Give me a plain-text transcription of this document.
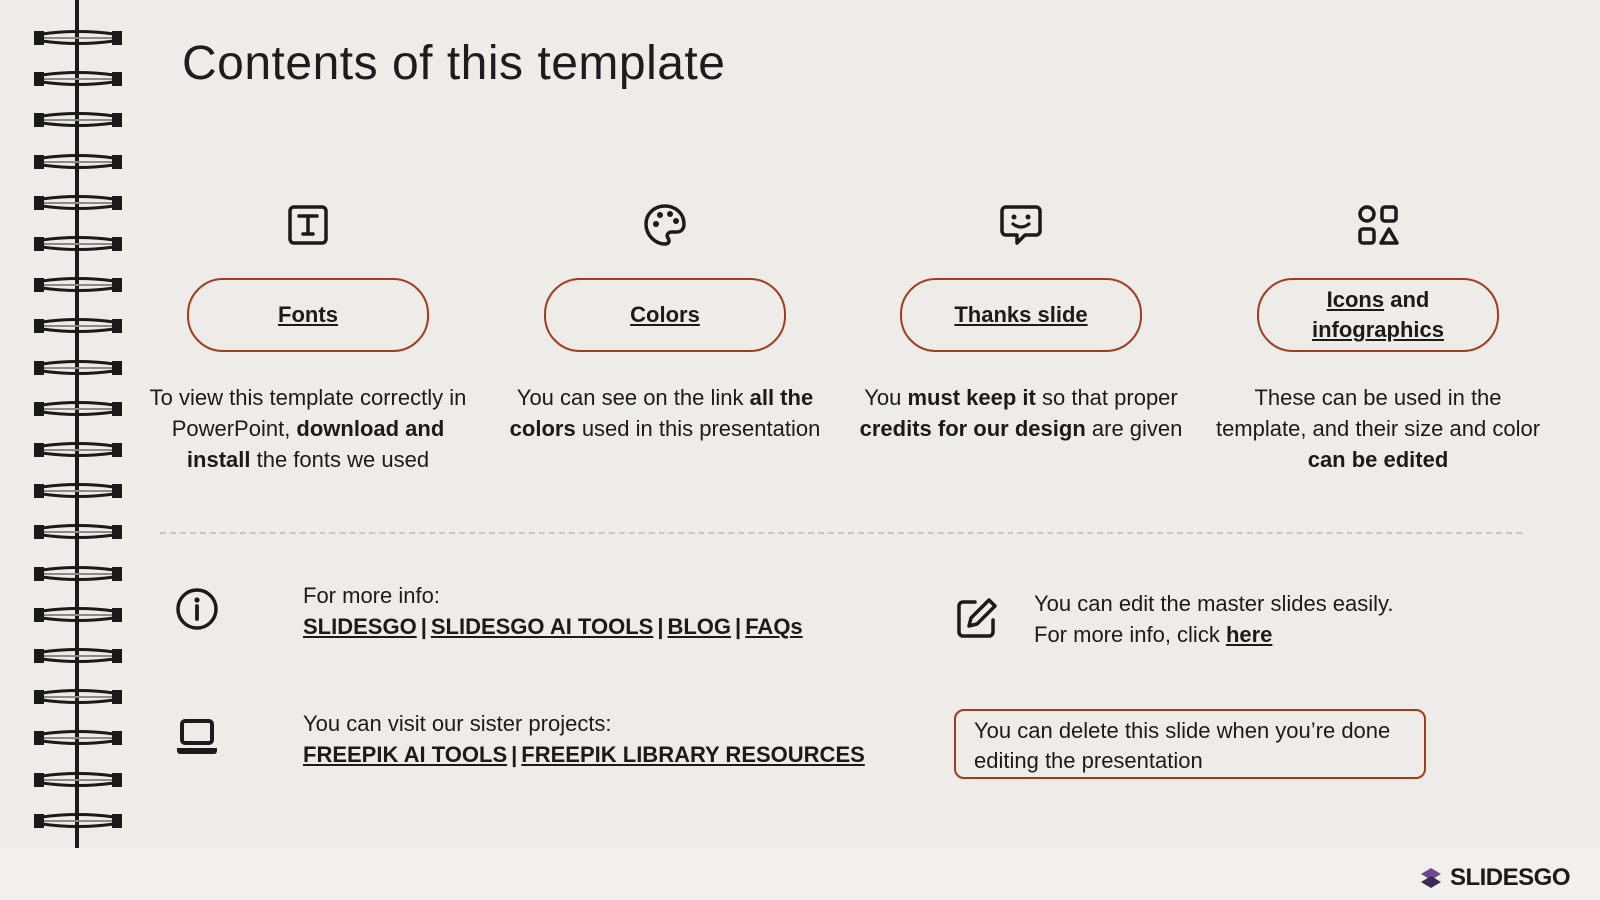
Contents of this template
Fonts
To view this template correctly in PowerPoint, download and install the fonts we used
Colors
You can see on the link all the colors used in this presentation
Thanks slide
You must keep it so that proper credits for our design are given
Icons and
infographics
These can be used in the template, and their size and color can be edited
For more info:
SLIDESGO | SLIDESGO AI TOOLS | BLOG | FAQs
You can edit the master slides easily.
For more info, click here
You can visit our sister projects:
FREEPIK AI TOOLS | FREEPIK LIBRARY RESOURCES
You can delete this slide when you’re done editing the presentation
SLIDESGO
